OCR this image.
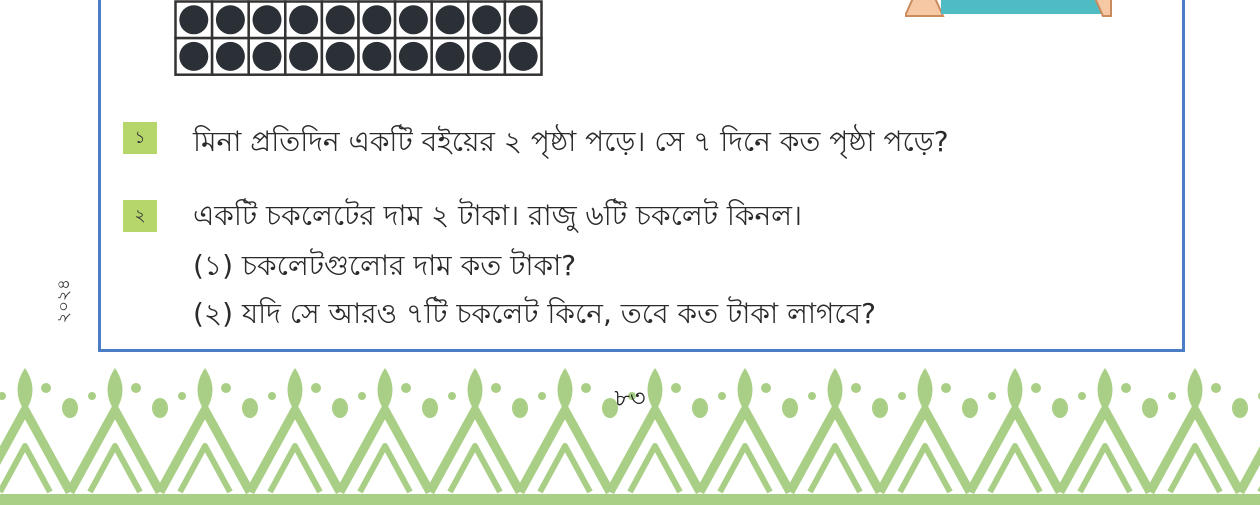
১	মিনা প্রতিদিন একটি বইয়ের ২ পৃষ্ঠা পড়ে। সে ৭ দিনে কত পৃষ্ঠা পড়ে?
২	একটি চকলেটের দাম ২ টাকা। রাজু ৬টি চকলেট কিনল।
(১) চকলেটগুলোর দাম কত টাকা?
(২) যদি সে আরও ৭টি চকলেট কিনে, তবে কত টাকা লাগবে?
২০২৪
৮৩
